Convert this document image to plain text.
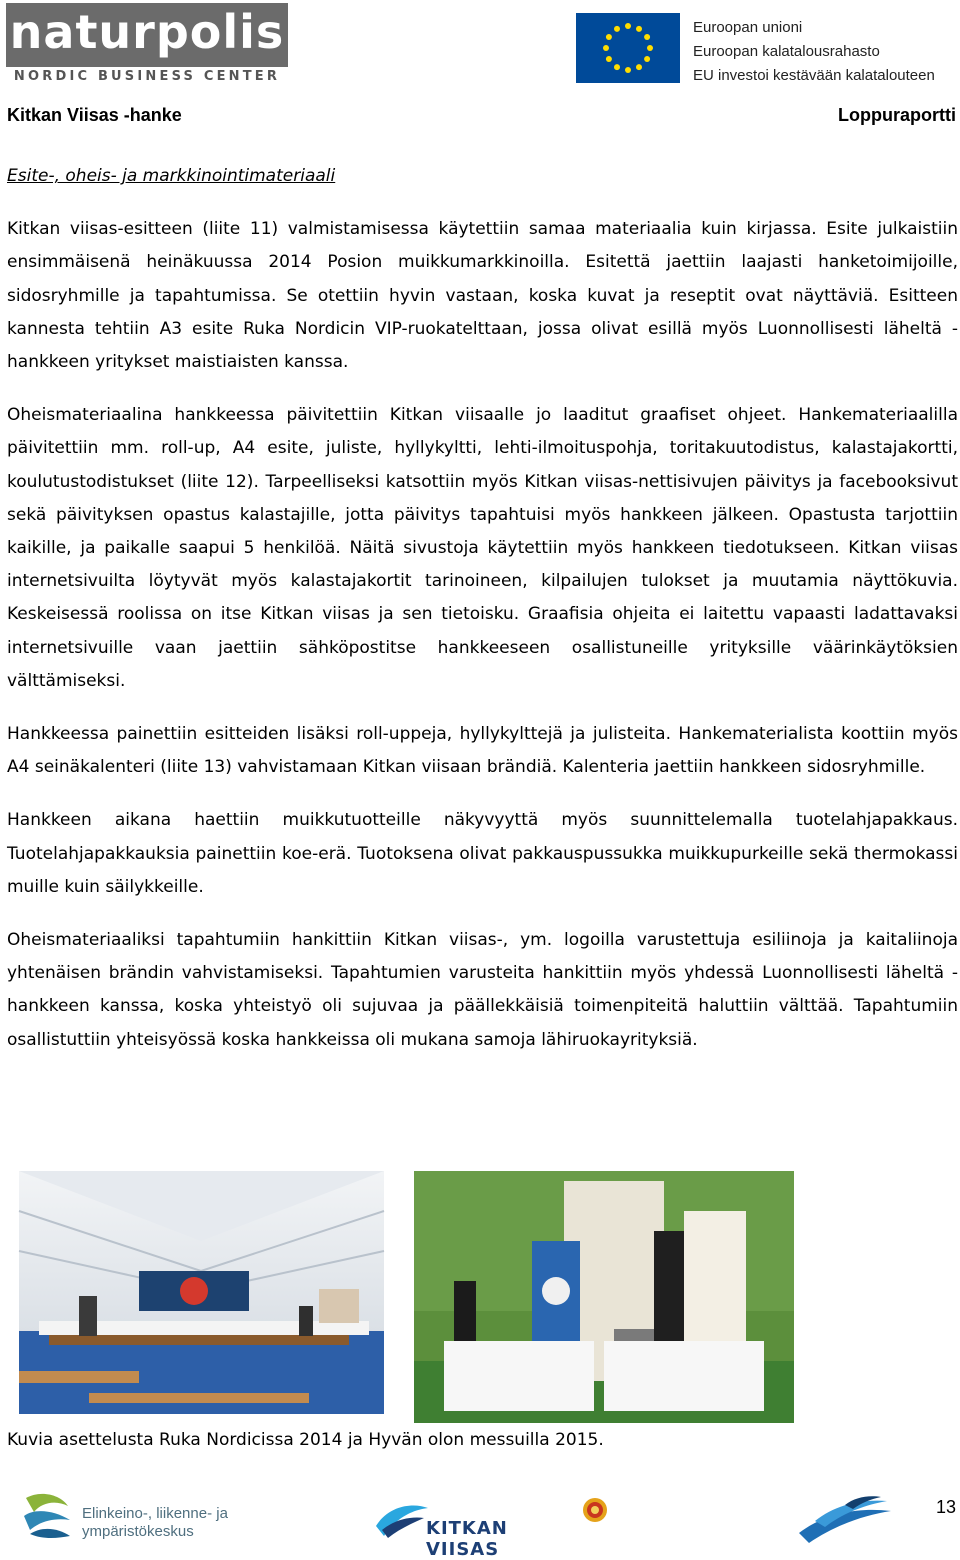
naturpolis
NORDIC BUSINESS CENTER
Euroopan unioni
Euroopan kalatalousrahasto
EU investoi kestävään kalatalouteen
Kitkan Viisas -hanke	Loppuraportti
Esite-, oheis- ja markkinointimateriaali

Kitkan viisas-esitteen (liite 11) valmistamisessa käytettiin samaa materiaalia kuin kirjassa. Esite julkaistiin ensimmäisenä heinäkuussa 2014 Posion muikkumarkkinoilla. Esitettä jaettiin laajasti hanketoimijoille, sidosryhmille ja tapahtumissa. Se otettiin hyvin vastaan, koska kuvat ja reseptit ovat näyttäviä. Esitteen kannesta tehtiin A3 esite Ruka Nordicin VIP-ruokatelttaan, jossa olivat esillä myös Luonnollisesti läheltä -hankkeen yritykset maistiaisten kanssa.

Oheismateriaalina hankkeessa päivitettiin Kitkan viisaalle jo laaditut graafiset ohjeet. Hankemateriaalilla päivitettiin mm. roll-up, A4 esite, juliste, hyllykyltti, lehti-ilmoituspohja, toritakuutodistus, kalastajakortti, koulutustodistukset (liite 12). Tarpeelliseksi katsottiin myös Kitkan viisas-nettisivujen päivitys ja facebooksivut sekä päivityksen opastus kalastajille, jotta päivitys tapahtuisi myös hankkeen jälkeen. Opastusta tarjottiin kaikille, ja paikalle saapui 5 henkilöä. Näitä sivustoja käytettiin myös hankkeen tiedotukseen. Kitkan viisas internetsivuilta löytyvät myös kalastajakortit tarinoineen, kilpailujen tulokset ja muutamia näyttökuvia. Keskeisessä roolissa on itse Kitkan viisas ja sen tietoisku. Graafisia ohjeita ei laitettu vapaasti ladattavaksi internetsivuille vaan jaettiin sähköpostitse hankkeeseen osallistuneille yrityksille väärinkäytöksien välttämiseksi.

Hankkeessa painettiin esitteiden lisäksi roll-uppeja, hyllykylttejä ja julisteita. Hankematerialista koottiin myös A4 seinäkalenteri (liite 13) vahvistamaan Kitkan viisaan brändiä. Kalenteria jaettiin hankkeen sidosryhmille.

Hankkeen aikana haettiin muikkutuotteille näkyvyyttä myös suunnittelemalla tuotelahjapakkaus. Tuotelahjapakkauksia painettiin koe-erä. Tuotoksena olivat pakkauspussukka muikkupurkeille sekä thermokassi muille kuin säilykkeille.

Oheismateriaaliksi tapahtumiin hankittiin Kitkan viisas-, ym. logoilla varustettuja esiliinoja ja kaitaliinoja yhtenäisen brändin vahvistamiseksi. Tapahtumien varusteita hankittiin myös yhdessä Luonnollisesti läheltä -hankkeen kanssa, koska yhteistyö oli sujuvaa ja päällekkäisiä toimenpiteitä haluttiin välttää. Tapahtumiin osallistuttiin yhteisyössä koska hankkeissa oli mukana samoja lähiruokayrityksiä.

Kuvia asettelusta Ruka Nordicissa 2014 ja Hyvän olon messuilla 2015.
Elinkeino-, liikenne- ja
ympäristökeskus	KITKAN VIISAS
13
